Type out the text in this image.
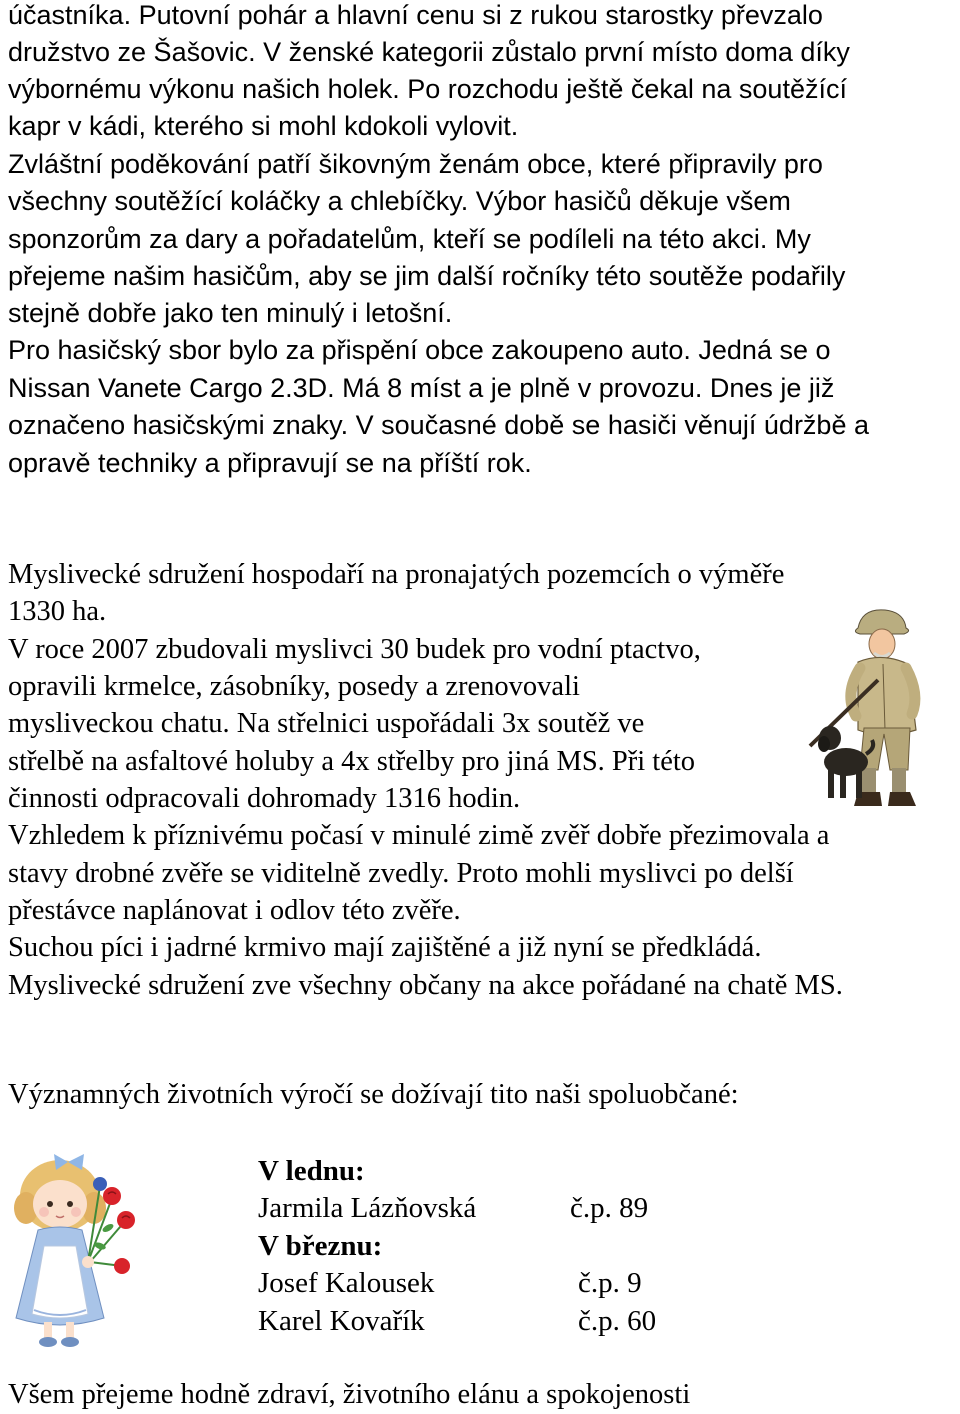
účastníka. Putovní pohár a hlavní cenu si z rukou starostky převzalo
družstvo ze Šašovic. V ženské kategorii zůstalo první místo doma díky
výbornému výkonu našich holek. Po rozchodu ještě čekal na soutěžící
kapr v kádi, kterého si mohl kdokoli vylovit.
Zvláštní poděkování patří šikovným ženám obce, které připravily pro
všechny soutěžící koláčky a chlebíčky. Výbor hasičů děkuje všem
sponzorům za dary a pořadatelům, kteří se podíleli na této akci. My
přejeme našim hasičům, aby se jim další ročníky této soutěže podařily
stejně dobře jako ten minulý i letošní.
Pro hasičský sbor bylo za přispění obce zakoupeno auto. Jedná se o
Nissan Vanete Cargo 2.3D. Má 8 míst a je plně v provozu. Dnes je již
označeno hasičskými znaky. V současné době se hasiči věnují údržbě a
opravě techniky a připravují se na příští rok.
Myslivecké sdružení hospodaří na pronajatých pozemcích o výměře
1330 ha.
V roce 2007 zbudovali myslivci 30 budek pro vodní ptactvo,
opravili krmelce, zásobníky, posedy a zrenovovali
mysliveckou chatu. Na střelnici uspořádali 3x soutěž ve
střelbě na asfaltové holuby a 4x střelby pro jiná MS. Při této
činnosti odpracovali dohromady 1316 hodin.
Vzhledem k příznivému počasí v minulé zimě zvěř dobře přezimovala a
stavy drobné zvěře se viditelně zvedly. Proto mohli myslivci po delší
přestávce naplánovat i odlov této zvěře.
Suchou píci i jadrné krmivo mají zajištěné a již nyní se předkládá.
Myslivecké sdružení zve všechny občany na akce pořádané na chatě MS.
Významných životních výročí se dožívají tito naši spoluobčané:
V lednu:
Jarmila Lázňovská	č.p. 89
V březnu:
Josef Kalousek	č.p. 9
Karel Kovařík	č.p. 60
Všem přejeme hodně zdraví, životního elánu a spokojenosti
